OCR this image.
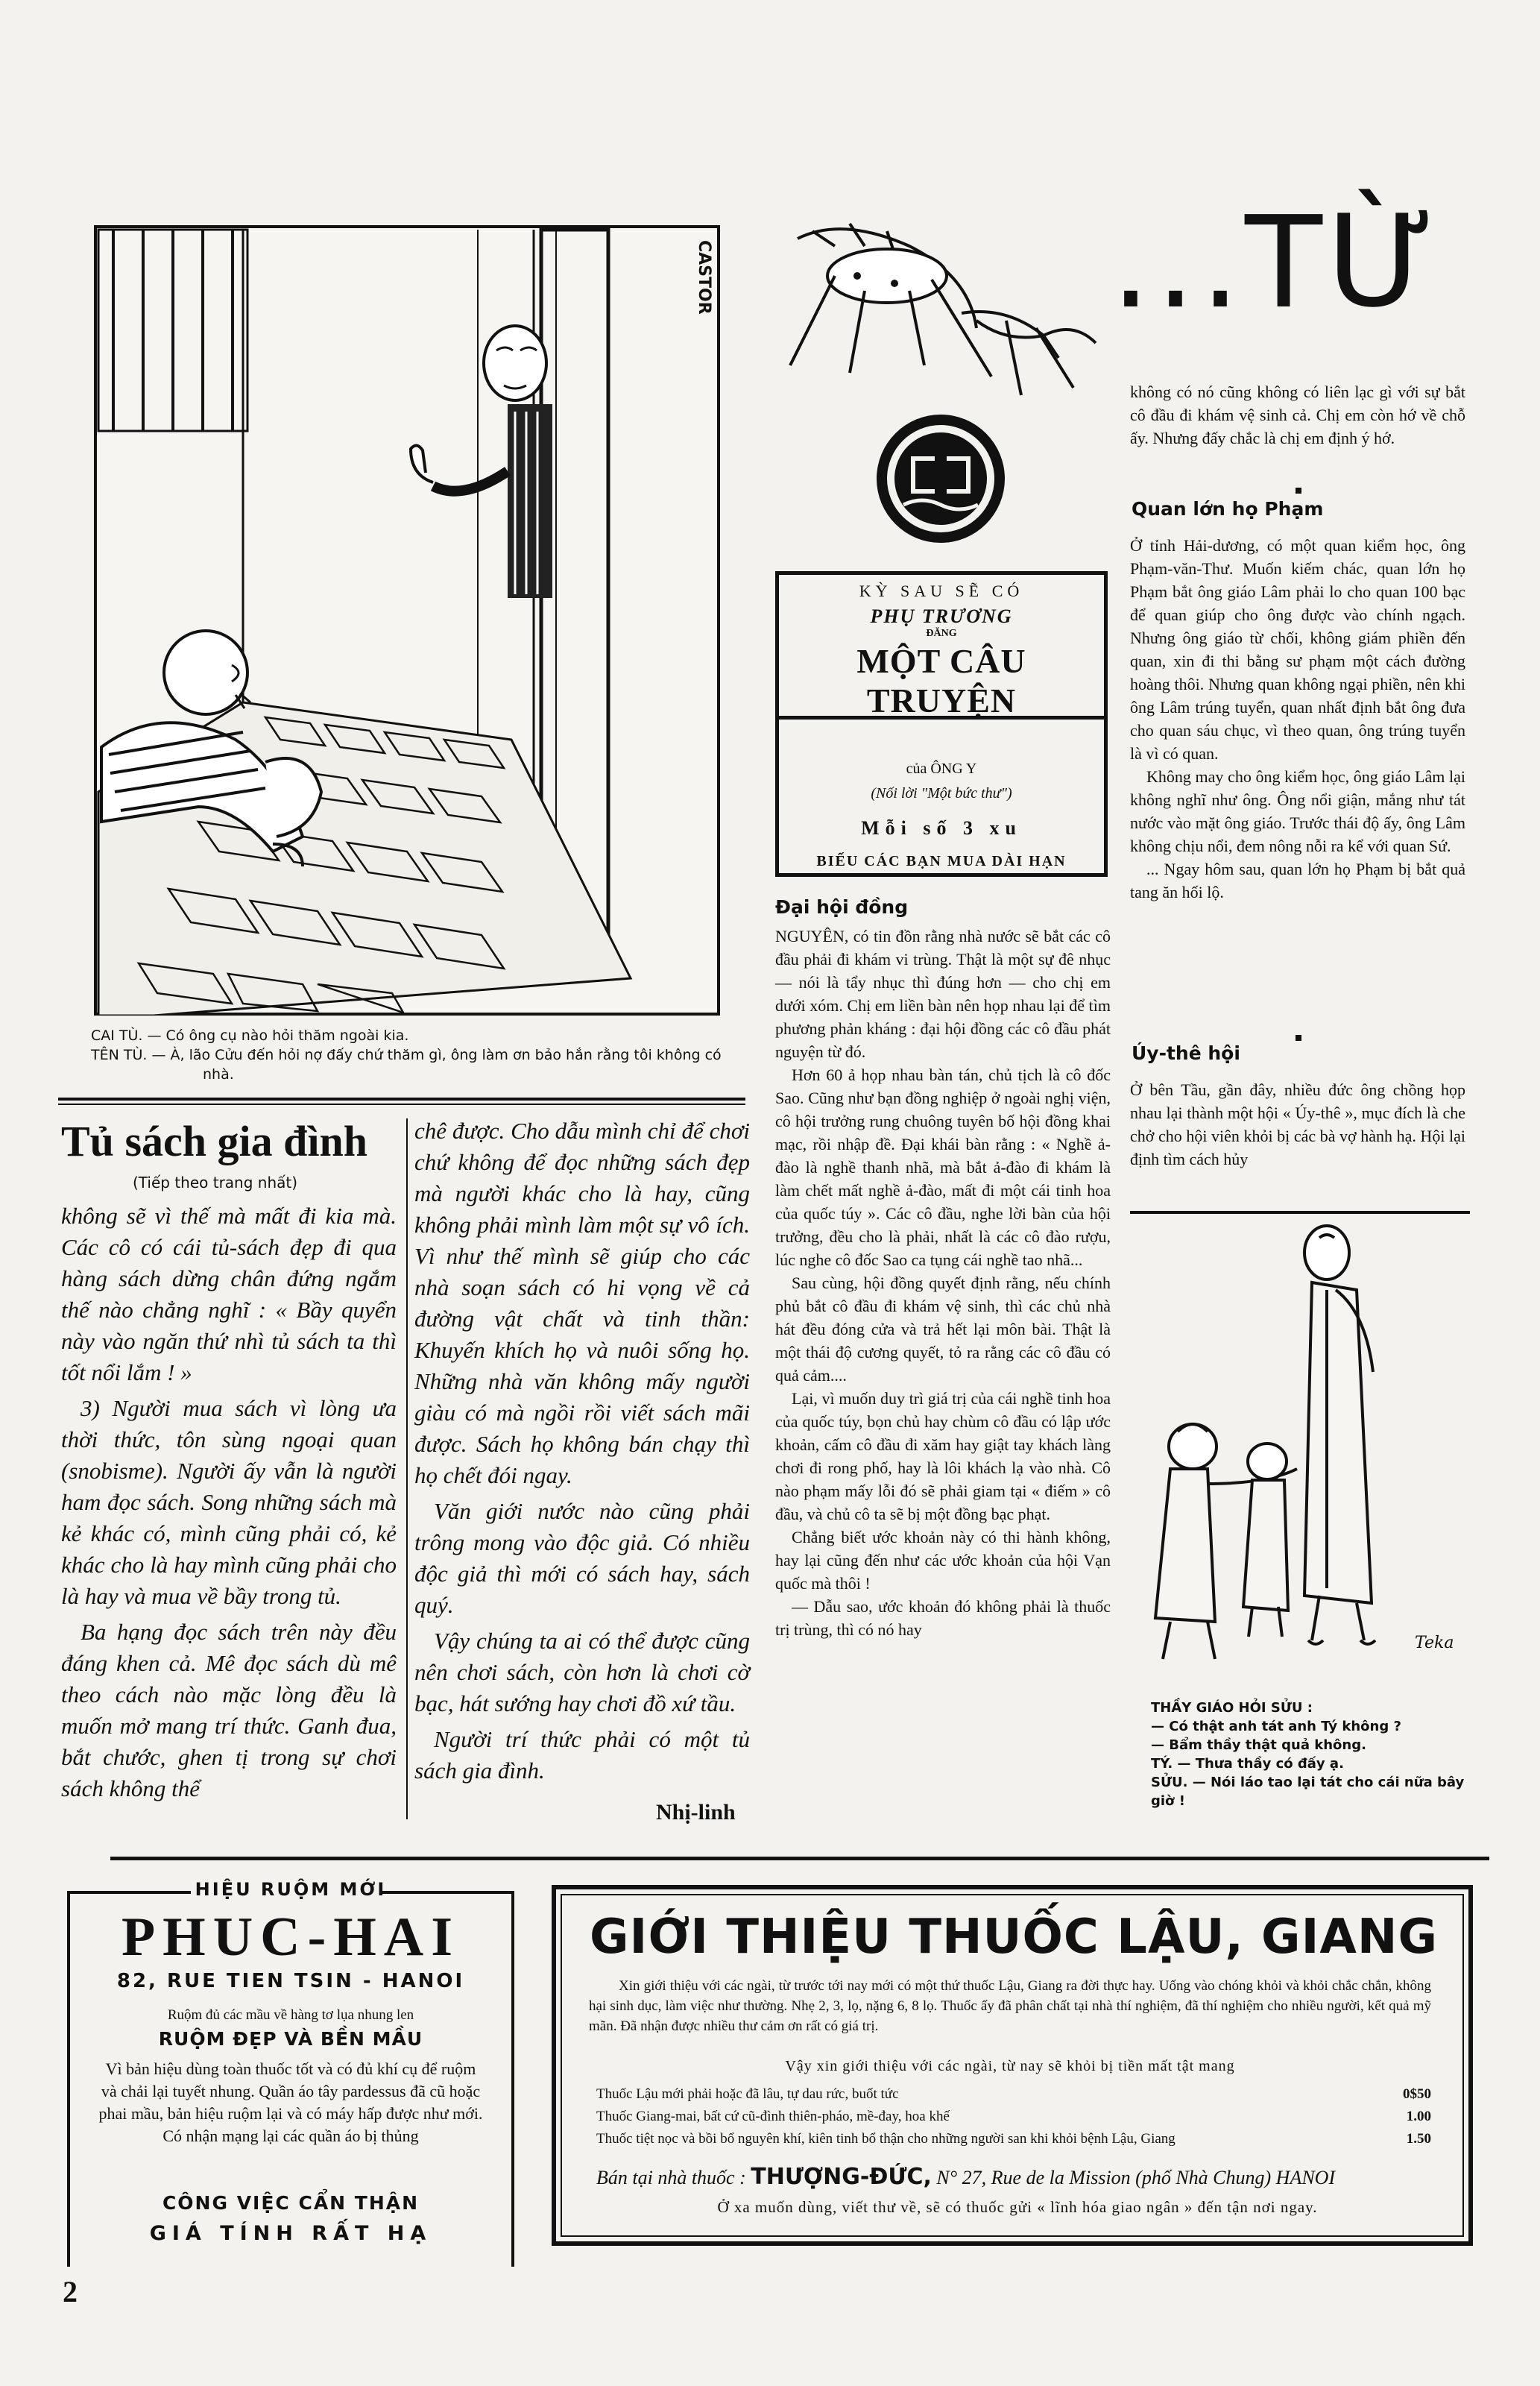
CASTOR

CAI TÙ. — Có ông cụ nào hỏi thăm ngoài kia.

TÊN TÙ. — À, lão Cửu đến hỏi nợ đấy chứ thăm gì, ông làm ơn bảo hắn rằng tôi không có nhà.

Tủ sách gia đình
(Tiếp theo trang nhất)

không sẽ vì thế mà mất đi kia mà. Các cô có cái tủ-sách đẹp đi qua hàng sách dừng chân đứng ngắm thế nào chẳng nghĩ : « Bầy quyển này vào ngăn thứ nhì tủ sách ta thì tốt nổi lắm ! »

3) Người mua sách vì lòng ưa thời thức, tôn sùng ngoại quan (snobisme). Người ấy vẫn là người ham đọc sách. Song những sách mà kẻ khác có, mình cũng phải có, kẻ khác cho là hay mình cũng phải cho là hay và mua về bầy trong tủ.

Ba hạng đọc sách trên này đều đáng khen cả. Mê đọc sách dù mê theo cách nào mặc lòng đều là muốn mở mang trí thức. Ganh đua, bắt chước, ghen tị trong sự chơi sách không thể

chê được. Cho dẫu mình chỉ để chơi chứ không để đọc những sách đẹp mà người khác cho là hay, cũng không phải mình làm một sự vô ích. Vì như thế mình sẽ giúp cho các nhà soạn sách có hi vọng về cả đường vật chất và tinh thần: Khuyến khích họ và nuôi sống họ. Những nhà văn không mấy người giàu có mà ngồi rồi viết sách mãi được. Sách họ không bán chạy thì họ chết đói ngay.

Văn giới nước nào cũng phải trông mong vào độc giả. Có nhiều độc giả thì mới có sách hay, sách quý.

Vậy chúng ta ai có thể được cũng nên chơi sách, còn hơn là chơi cờ bạc, hát sướng hay chơi đồ xứ tầu.

Người trí thức phải có một tủ sách gia đình.

Nhị-linh
...TỪ

KỲ SAU SẼ CÓ

PHỤ TRƯƠNG

ĐĂNG

MỘT CÂU TRUYỆN

của ÔNG Y

(Nối lời "Một bức thư")

Mỗi số 3 xu

BIẾU CÁC BẠN MUA DÀI HẠN

Đại hội đồng

NGUYÊN, có tin đồn rằng nhà nước sẽ bắt các cô đầu phải đi khám vi trùng. Thật là một sự đê nhục — nói là tẩy nhục thì đúng hơn — cho chị em dưới xóm. Chị em liền bàn nên họp nhau lại để tìm phương phản kháng : đại hội đồng các cô đầu phát nguyện từ đó.

Hơn 60 ả họp nhau bàn tán, chủ tịch là cô đốc Sao. Cũng như bạn đồng nghiệp ở ngoài nghị viện, cô hội trưởng rung chuông tuyên bố hội đồng khai mạc, rồi nhập đề. Đại khái bàn rằng : « Nghề ả-đào là nghề thanh nhã, mà bắt ả-đào đi khám là làm chết mất nghề ả-đào, mất đi một cái tinh hoa của quốc túy ». Các cô đầu, nghe lời bàn của hội trưởng, đều cho là phải, nhất là các cô đào rượu, lúc nghe cô đốc Sao ca tụng cái nghề tao nhã...

Sau cùng, hội đồng quyết định rằng, nếu chính phủ bắt cô đầu đi khám vệ sinh, thì các chủ nhà hát đều đóng cửa và trả hết lại môn bài. Thật là một thái độ cương quyết, tỏ ra rằng các cô đầu có quả cảm....

Lại, vì muốn duy trì giá trị của cái nghề tinh hoa của quốc túy, bọn chủ hay chùm cô đầu có lập ước khoản, cấm cô đầu đi xăm hay giật tay khách làng chơi đi rong phố, hay là lôi khách lạ vào nhà. Cô nào phạm mấy lỗi đó sẽ phải giam tại « điếm » cô đầu, và chủ cô ta sẽ bị một đồng bạc phạt.

Chẳng biết ước khoản này có thi hành không, hay lại cũng đến như các ước khoản của hội Vạn quốc mà thôi !

— Dẫu sao, ước khoản đó không phải là thuốc trị trùng, thì có nó hay

không có nó cũng không có liên lạc gì với sự bắt cô đầu đi khám vệ sinh cả. Chị em còn hớ về chỗ ấy. Nhưng đấy chắc là chị em định ý hớ.
Quan lớn họ Phạm

Ở tỉnh Hải-dương, có một quan kiểm học, ông Phạm-văn-Thư. Muốn kiếm chác, quan lớn họ Phạm bắt ông giáo Lâm phải lo cho quan 100 bạc để quan giúp cho ông được vào chính ngạch. Nhưng ông giáo từ chối, không giám phiền đến quan, xin đi thi bằng sư phạm một cách đường hoàng thôi. Nhưng quan không ngại phiền, nên khi ông Lâm trúng tuyển, quan nhất định bắt ông đưa cho quan sáu chục, vì theo quan, ông trúng tuyển là vì có quan.

Không may cho ông kiểm học, ông giáo Lâm lại không nghĩ như ông. Ông nổi giận, mắng như tát nước vào mặt ông giáo. Trước thái độ ấy, ông Lâm không chịu nổi, đem nông nỗi ra kể với quan Sứ.

... Ngay hôm sau, quan lớn họ Phạm bị bắt quả tang ăn hối lộ.

Úy-thê hội
Ở bên Tầu, gần đây, nhiều đức ông chồng họp nhau lại thành một hội « Úy-thê », mục đích là che chở cho hội viên khỏi bị các bà vợ hành hạ. Hội lại định tìm cách hủy
Teka

THẦY GIÁO HỎI SỬU :

— Có thật anh tát anh Tý không ?

— Bẩm thầy thật quả không.

TÝ. — Thưa thầy có đấy ạ.

SỬU. — Nói láo tao lại tát cho cái nữa bây giờ !

HIỆU RUỘM MỚI
PHUC-HAI
82, RUE TIEN TSIN - HANOI
Ruộm đủ các mầu về hàng tơ lụa nhung len
RUỘM ĐẸP VÀ BỀN MẦU
Vì bản hiệu dùng toàn thuốc tốt và có đủ khí cụ để ruộm và chải lại tuyết nhung. Quần áo tây pardessus đã cũ hoặc phai mầu, bản hiệu ruộm lại và có máy hấp được như mới. Có nhận mạng lại các quần áo bị thủng
CÔNG VIỆC CẨN THẬN
GIÁ TÍNH RẤT HẠ
GIỚI THIỆU THUỐC LẬU, GIANG
Xin giới thiệu với các ngài, từ trước tới nay mới có một thứ thuốc Lậu, Giang ra đời thực hay. Uống vào chóng khỏi và khỏi chắc chắn, không hại sinh dục, làm việc như thường. Nhẹ 2, 3, lọ, nặng 6, 8 lọ. Thuốc ấy đã phân chất tại nhà thí nghiệm, đã thí nghiệm cho nhiều người, kết quả mỹ mãn. Đã nhận được nhiều thư cảm ơn rất có giá trị.
Vậy xin giới thiệu với các ngài, từ nay sẽ khỏi bị tiền mất tật mang
Thuốc Lậu mới phải hoặc đã lâu, tự dau rức, buốt tức	0$50
Thuốc Giang-mai, bất cứ cũ-đình thiên-pháo, mề-đay, hoa khế	1.00
Thuốc tiệt nọc và bồi bổ nguyên khí, kiên tinh bổ thận cho những người san khi khỏi bệnh Lậu, Giang	1.50
Bán tại nhà thuốc : THƯỢNG-ĐỨC, N° 27, Rue de la Mission (phố Nhà Chung) HANOI
Ở xa muốn dùng, viết thư về, sẽ có thuốc gửi « lĩnh hóa giao ngân » đến tận nơi ngay.
2
